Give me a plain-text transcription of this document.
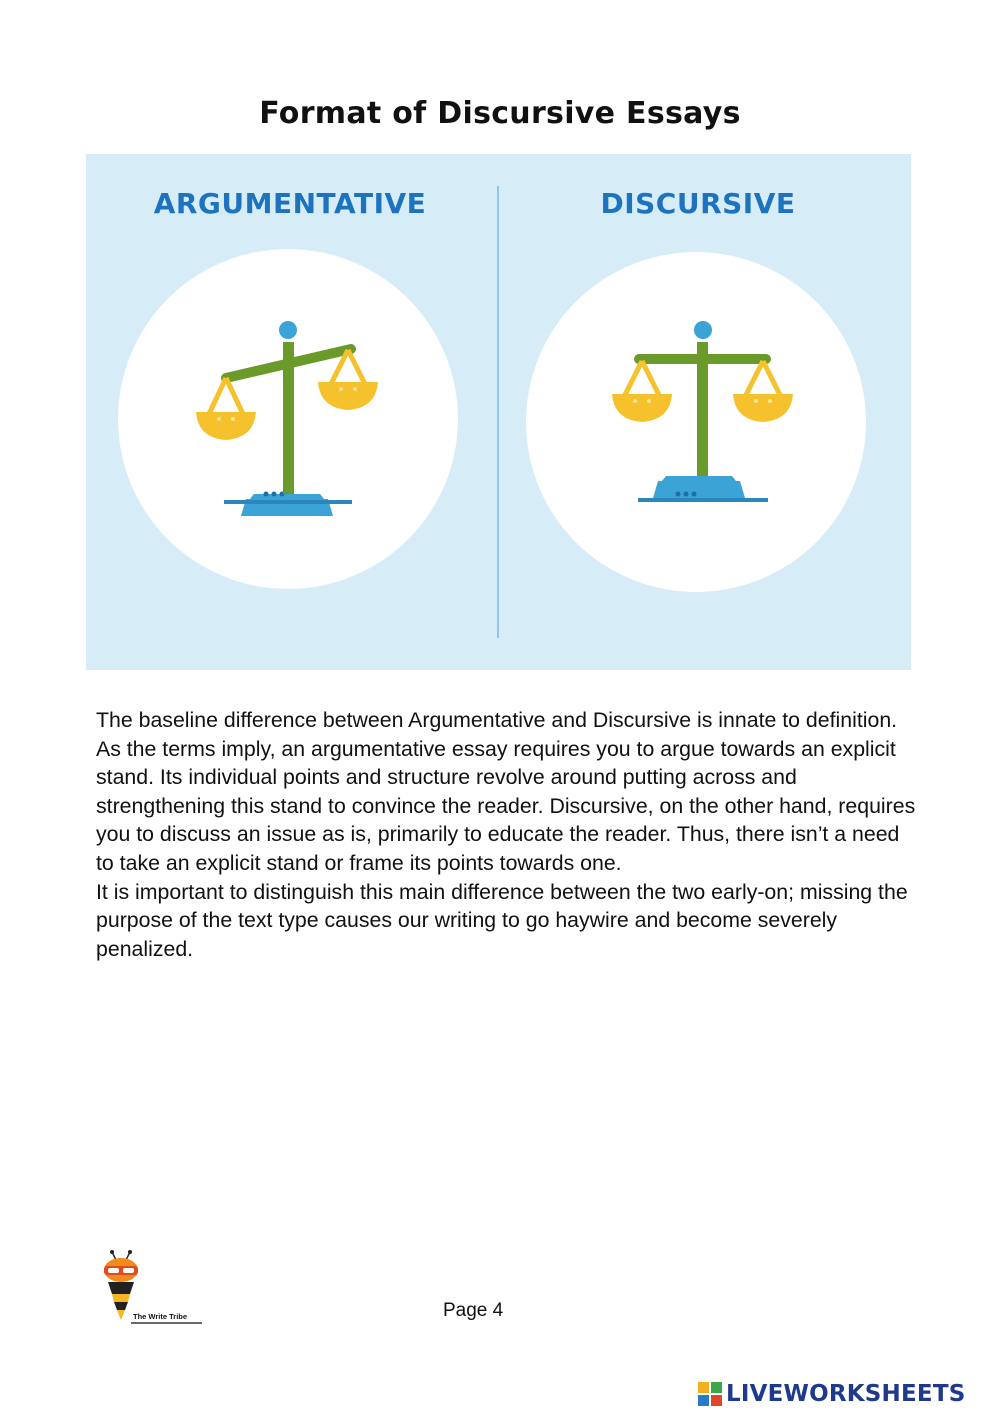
Format of Discursive Essays
ARGUMENTATIVE	DISCURSIVE

The baseline difference between Argumentative and Discursive is innate to definition. As the terms imply, an argumentative essay requires you to argue towards an explicit stand. Its individual points and structure revolve around putting across and strengthening this stand to convince the reader. Discursive, on the other hand, requires you to discuss an issue as is, primarily to educate the reader. Thus, there isn’t a need to take an explicit stand or frame its points towards one.

It is important to distinguish this main difference between the two early-on; missing the purpose of the text type causes our writing to go haywire and become severely penalized.

The Write Tribe	Page 4
LIVEWORKSHEETS
